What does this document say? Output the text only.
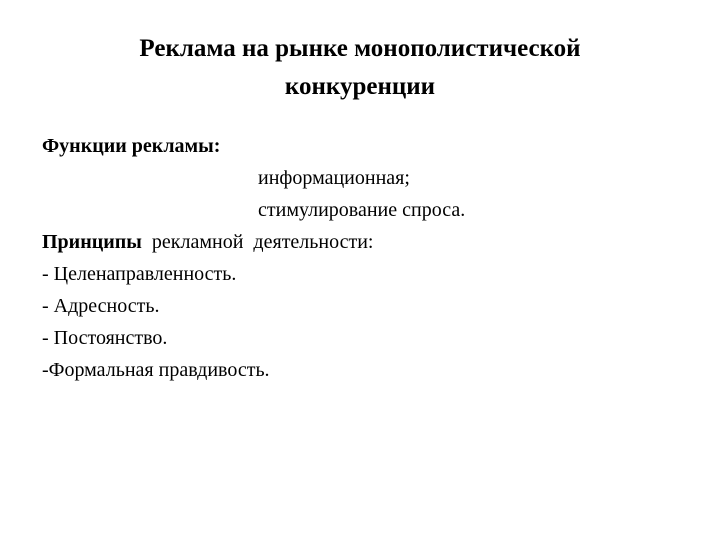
Реклама на рынке монополистической
конкуренции
Функции рекламы:
информационная;
стимулирование спроса.
Принципы  рекламной  деятельности:
- Целенаправленность.
- Адресность.
- Постоянство.
-Формальная правдивость.
